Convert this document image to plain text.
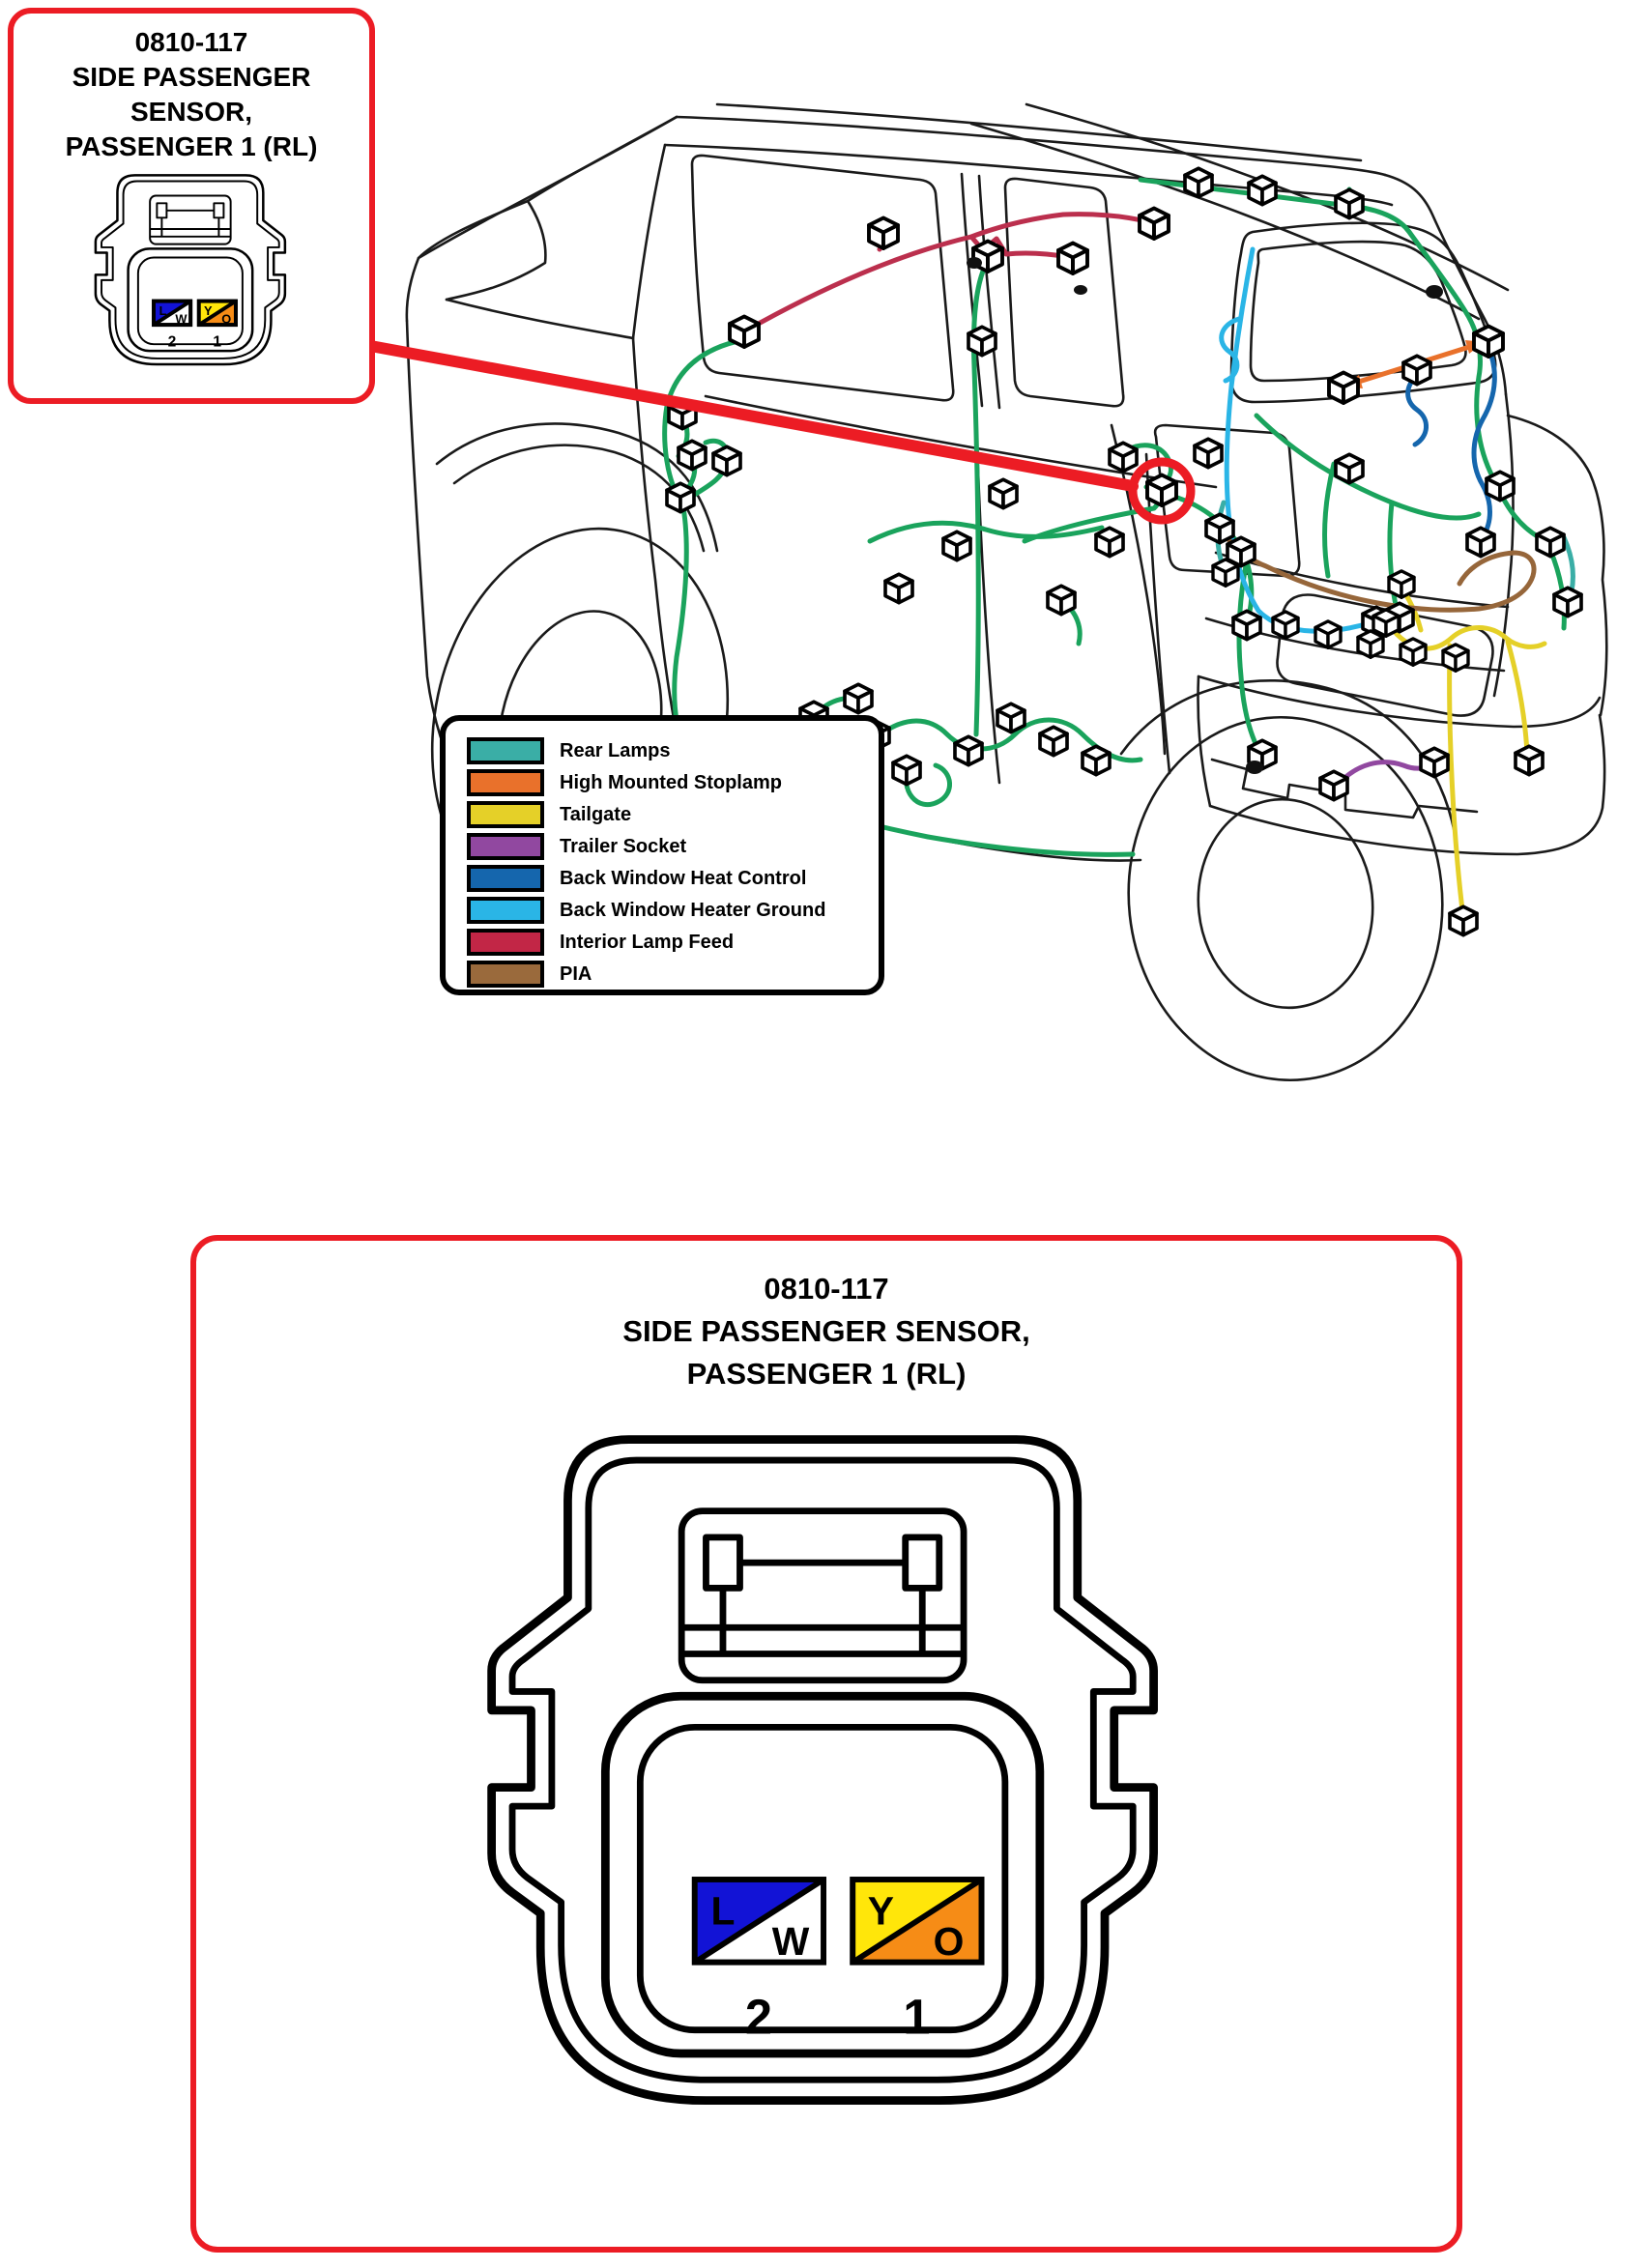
0810-117
SIDE PASSENGER
SENSOR,
PASSENGER 1 (RL)
L
W
Y
O
2 1
Rear Lamps
High Mounted Stoplamp
Tailgate
Trailer Socket
Back Window Heat Control
Back Window Heater Ground
Interior Lamp Feed
PIA
0810-117
SIDE PASSENGER SENSOR,
PASSENGER 1 (RL)
L
W
Y
O
2	1
